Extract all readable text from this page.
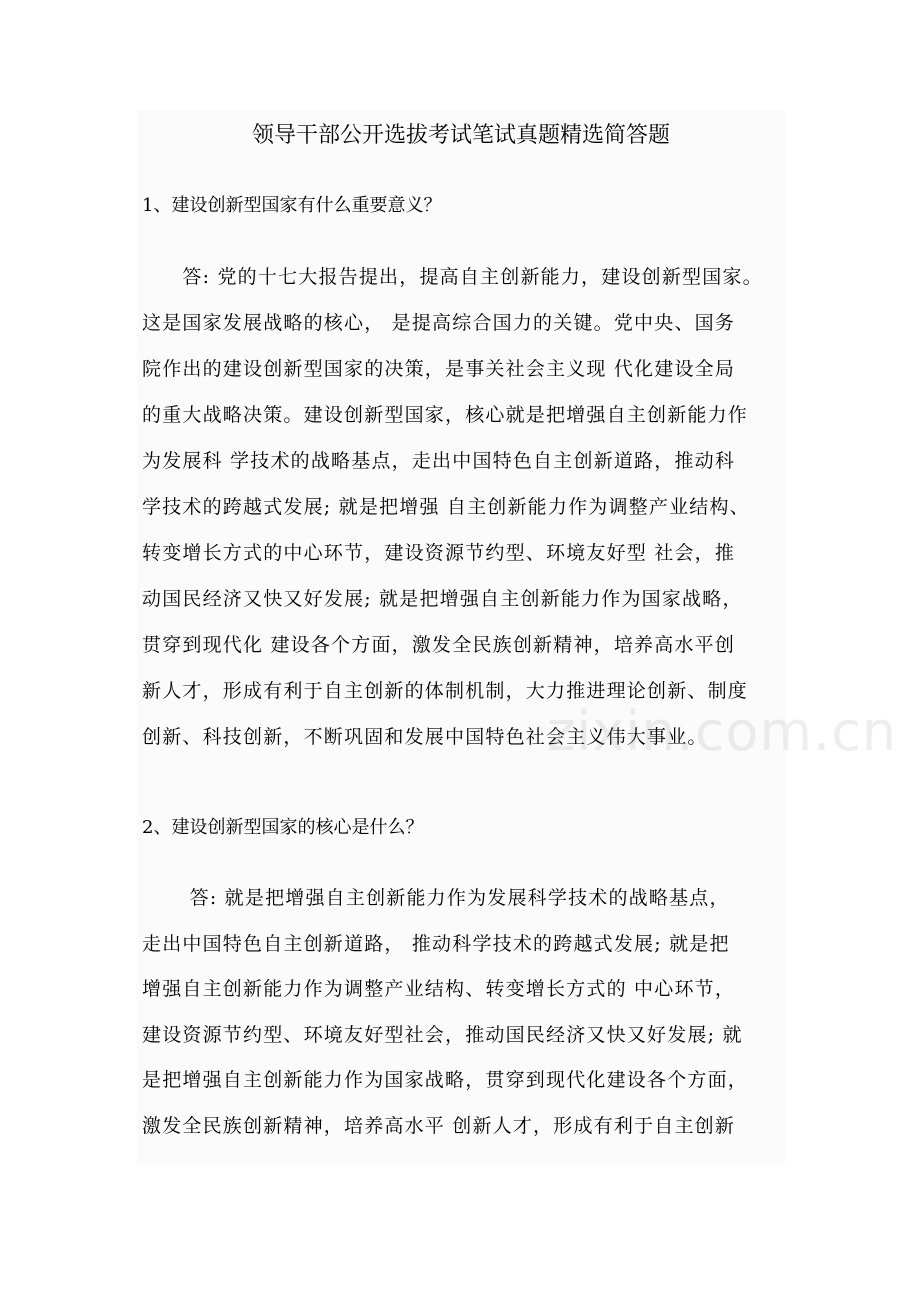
领导干部公开选拔考试笔试真题精选简答题

1、建设创新型国家有什么重要意义？

　　答: 党的十七大报告提出，提高自主创新能力，建设创新型国家。
这是国家发展战略的核心， 是提高综合国力的关键。党中央、国务
院作出的建设创新型国家的决策，是事关社会主义现 代化建设全局
的重大战略决策。建设创新型国家，核心就是把增强自主创新能力作
为发展科 学技术的战略基点，走出中国特色自主创新道路，推动科
学技术的跨越式发展; 就是把增强 自主创新能力作为调整产业结构、
转变增长方式的中心环节，建设资源节约型、环境友好型 社会，推
动国民经济又快又好发展; 就是把增强自主创新能力作为国家战略，
贯穿到现代化 建设各个方面，激发全民族创新精神，培养高水平创
新人才，形成有利于自主创新的体制机制，大力推进理论创新、制度
创新、科技创新，不断巩固和发展中国特色社会主义伟大事业。

2、建设创新型国家的核心是什么？

　　 答: 就是把增强自主创新能力作为发展科学技术的战略基点，
走出中国特色自主创新道路， 推动科学技术的跨越式发展; 就是把
增强自主创新能力作为调整产业结构、转变增长方式的 中心环节，
建设资源节约型、环境友好型社会，推动国民经济又快又好发展; 就
是把增强自主创新能力作为国家战略，贯穿到现代化建设各个方面，
激发全民族创新精神，培养高水平 创新人才，形成有利于自主创新
zixin.com.cn
